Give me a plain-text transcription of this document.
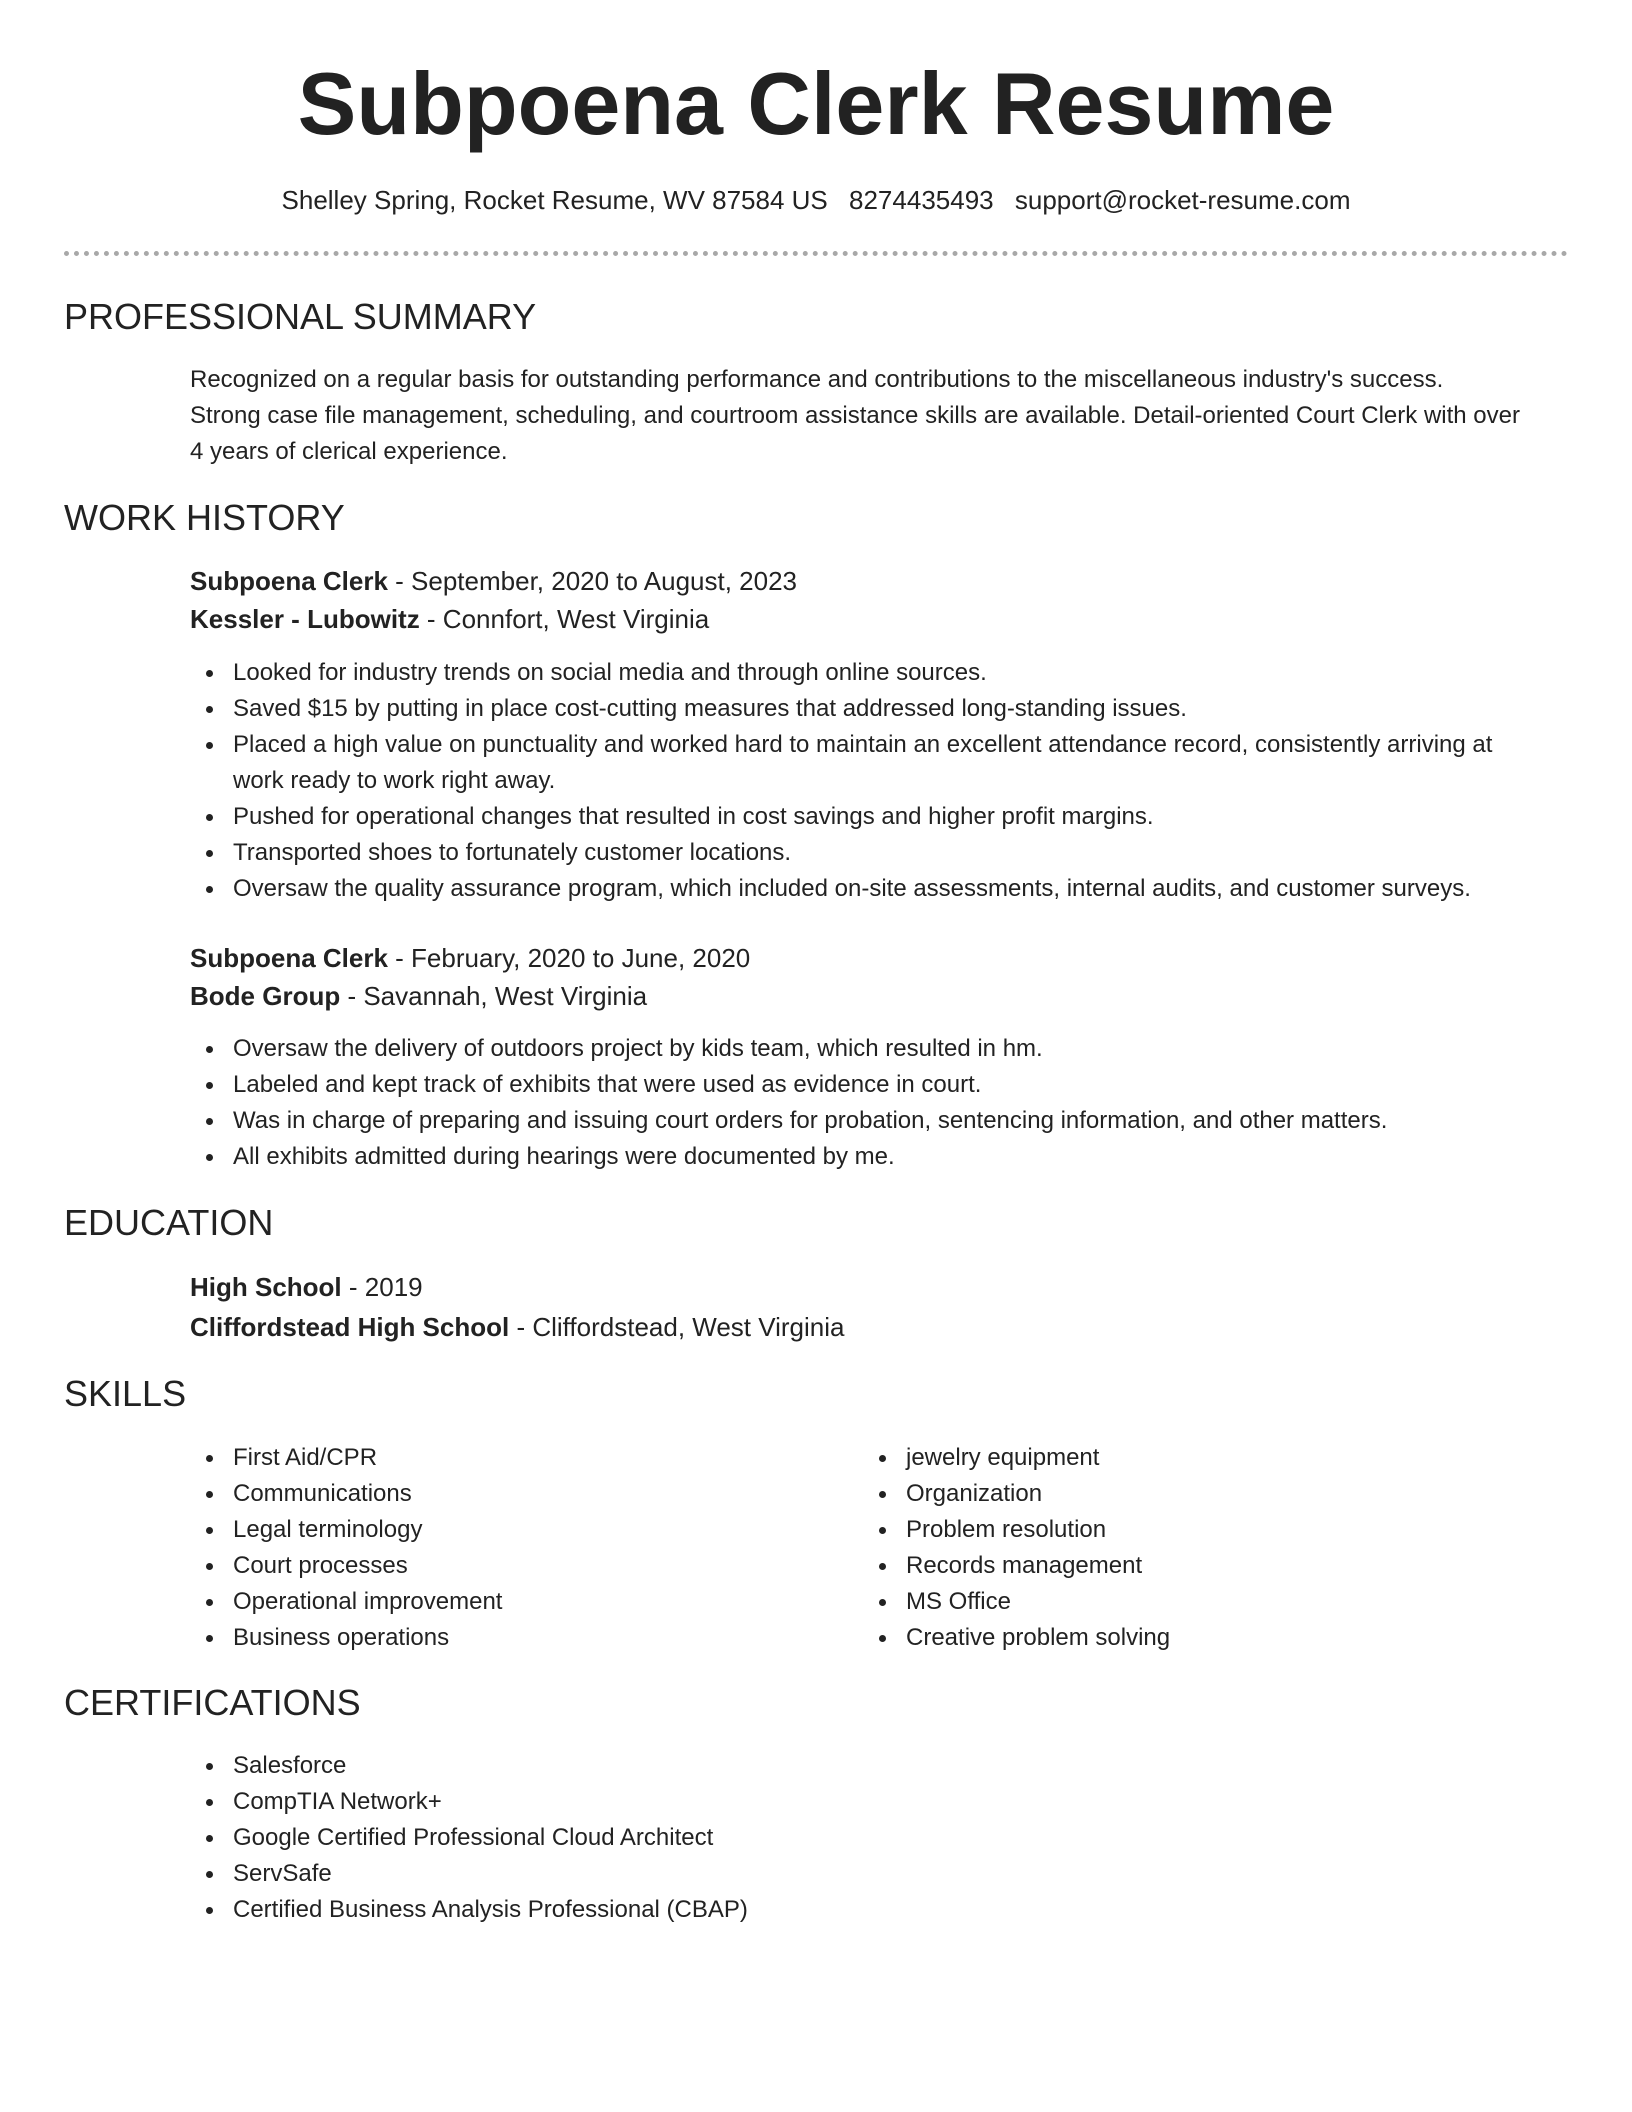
Subpoena Clerk Resume
Shelley Spring, Rocket Resume, WV 87584 US 8274435493 support@rocket-resume.com
PROFESSIONAL SUMMARY
Recognized on a regular basis for outstanding performance and contributions to the miscellaneous industry's success.
Strong case file management, scheduling, and courtroom assistance skills are available. Detail-oriented Court Clerk with over
4 years of clerical experience.
WORK HISTORY
Subpoena Clerk - September, 2020 to August, 2023
Kessler - Lubowitz - Connfort, West Virginia
Looked for industry trends on social media and through online sources.
Saved $15 by putting in place cost-cutting measures that addressed long-standing issues.
Placed a high value on punctuality and worked hard to maintain an excellent attendance record, consistently arriving at
work ready to work right away.
Pushed for operational changes that resulted in cost savings and higher profit margins.
Transported shoes to fortunately customer locations.
Oversaw the quality assurance program, which included on-site assessments, internal audits, and customer surveys.
Subpoena Clerk - February, 2020 to June, 2020
Bode Group - Savannah, West Virginia
Oversaw the delivery of outdoors project by kids team, which resulted in hm.
Labeled and kept track of exhibits that were used as evidence in court.
Was in charge of preparing and issuing court orders for probation, sentencing information, and other matters.
All exhibits admitted during hearings were documented by me.
EDUCATION
High School - 2019
Cliffordstead High School - Cliffordstead, West Virginia
SKILLS
First Aid/CPR
Communications
Legal terminology
Court processes
Operational improvement
Business operations
jewelry equipment
Organization
Problem resolution
Records management
MS Office
Creative problem solving
CERTIFICATIONS
Salesforce
CompTIA Network+
Google Certified Professional Cloud Architect
ServSafe
Certified Business Analysis Professional (CBAP)
